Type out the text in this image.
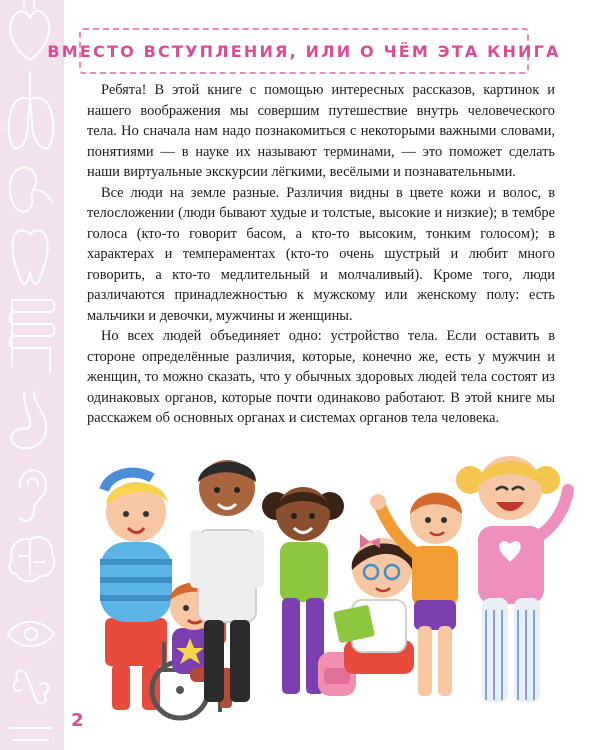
ВМЕСТО ВСТУПЛЕНИЯ, ИЛИ О ЧЁМ ЭТА КНИГА

Ребята! В этой книге с помощью интересных рассказов, картинок и нашего воображения мы совершим путешествие внутрь человеческого тела. Но сначала нам надо познакомиться с некоторыми важными словами, понятиями — в науке их называют терминами, — это поможет сделать наши виртуальные экскурсии лёгкими, весёлыми и познавательными.

Все люди на земле разные. Различия видны в цвете кожи и волос, в телосложении (люди бывают худые и толстые, высокие и низкие); в тембре голоса (кто-то говорит басом, а кто-то высоким, тонким голосом); в характерах и темпераментах (кто-то очень шустрый и любит много говорить, а кто-то медлительный и молчаливый). Кроме того, люди различаются принадлежностью к мужскому или женскому полу: есть мальчики и девочки, мужчины и женщины.

Но всех людей объединяет одно: устройство тела. Если оставить в стороне определённые различия, которые, конечно же, есть у мужчин и женщин, то можно сказать, что у обычных здоровых людей тела состоят из одинаковых органов, которые почти одинаково работают. В этой книге мы расскажем об основных органах и системах органов тела человека.

2
